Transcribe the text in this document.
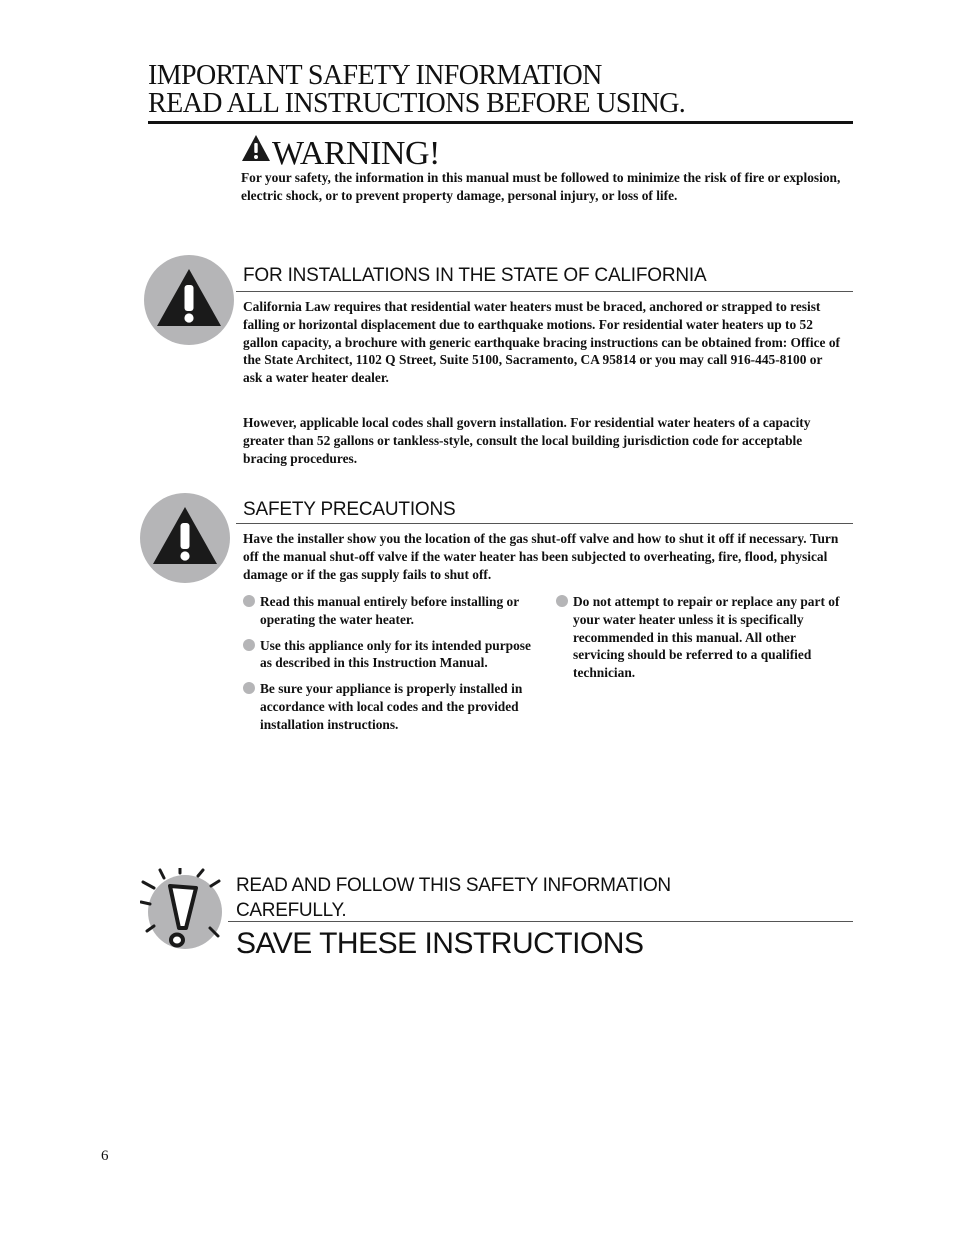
IMPORTANT SAFETY INFORMATION
READ ALL INSTRUCTIONS BEFORE USING.
WARNING!
For your safety, the information in this manual must be followed to minimize the risk of fire or explosion, electric shock, or to prevent property damage, personal injury, or loss of life.
FOR INSTALLATIONS IN THE STATE OF CALIFORNIA
California Law requires that residential water heaters must be braced, anchored or strapped to resist falling or horizontal displacement due to earthquake motions. For residential water heaters up to 52 gallon capacity, a brochure with generic earthquake bracing instructions can be obtained from: Office of the State Architect, 1102 Q Street, Suite 5100, Sacramento, CA 95814 or you may call 916-445-8100 or ask a water heater dealer.
However, applicable local codes shall govern installation. For residential water heaters of a capacity greater than 52 gallons or tankless-style, consult the local building jurisdiction code for acceptable bracing procedures.
SAFETY PRECAUTIONS
Have the installer show you the location of the gas shut-off valve and how to shut it off if necessary. Turn off the manual shut-off valve if the water heater has been subjected to overheating, fire, flood, physical damage or if the gas supply fails to shut off.
Read this manual entirely before installing or operating the water heater.
Use this appliance only for its intended purpose as described in this Instruction Manual.
Be sure your appliance is properly installed in accordance with local codes and the provided installation instructions.
Do not attempt to repair or replace any part of your water heater unless it is specifically recommended in this manual. All other servicing should be referred to a qualified technician.
READ AND FOLLOW THIS SAFETY INFORMATION
CAREFULLY.
SAVE THESE INSTRUCTIONS
6
